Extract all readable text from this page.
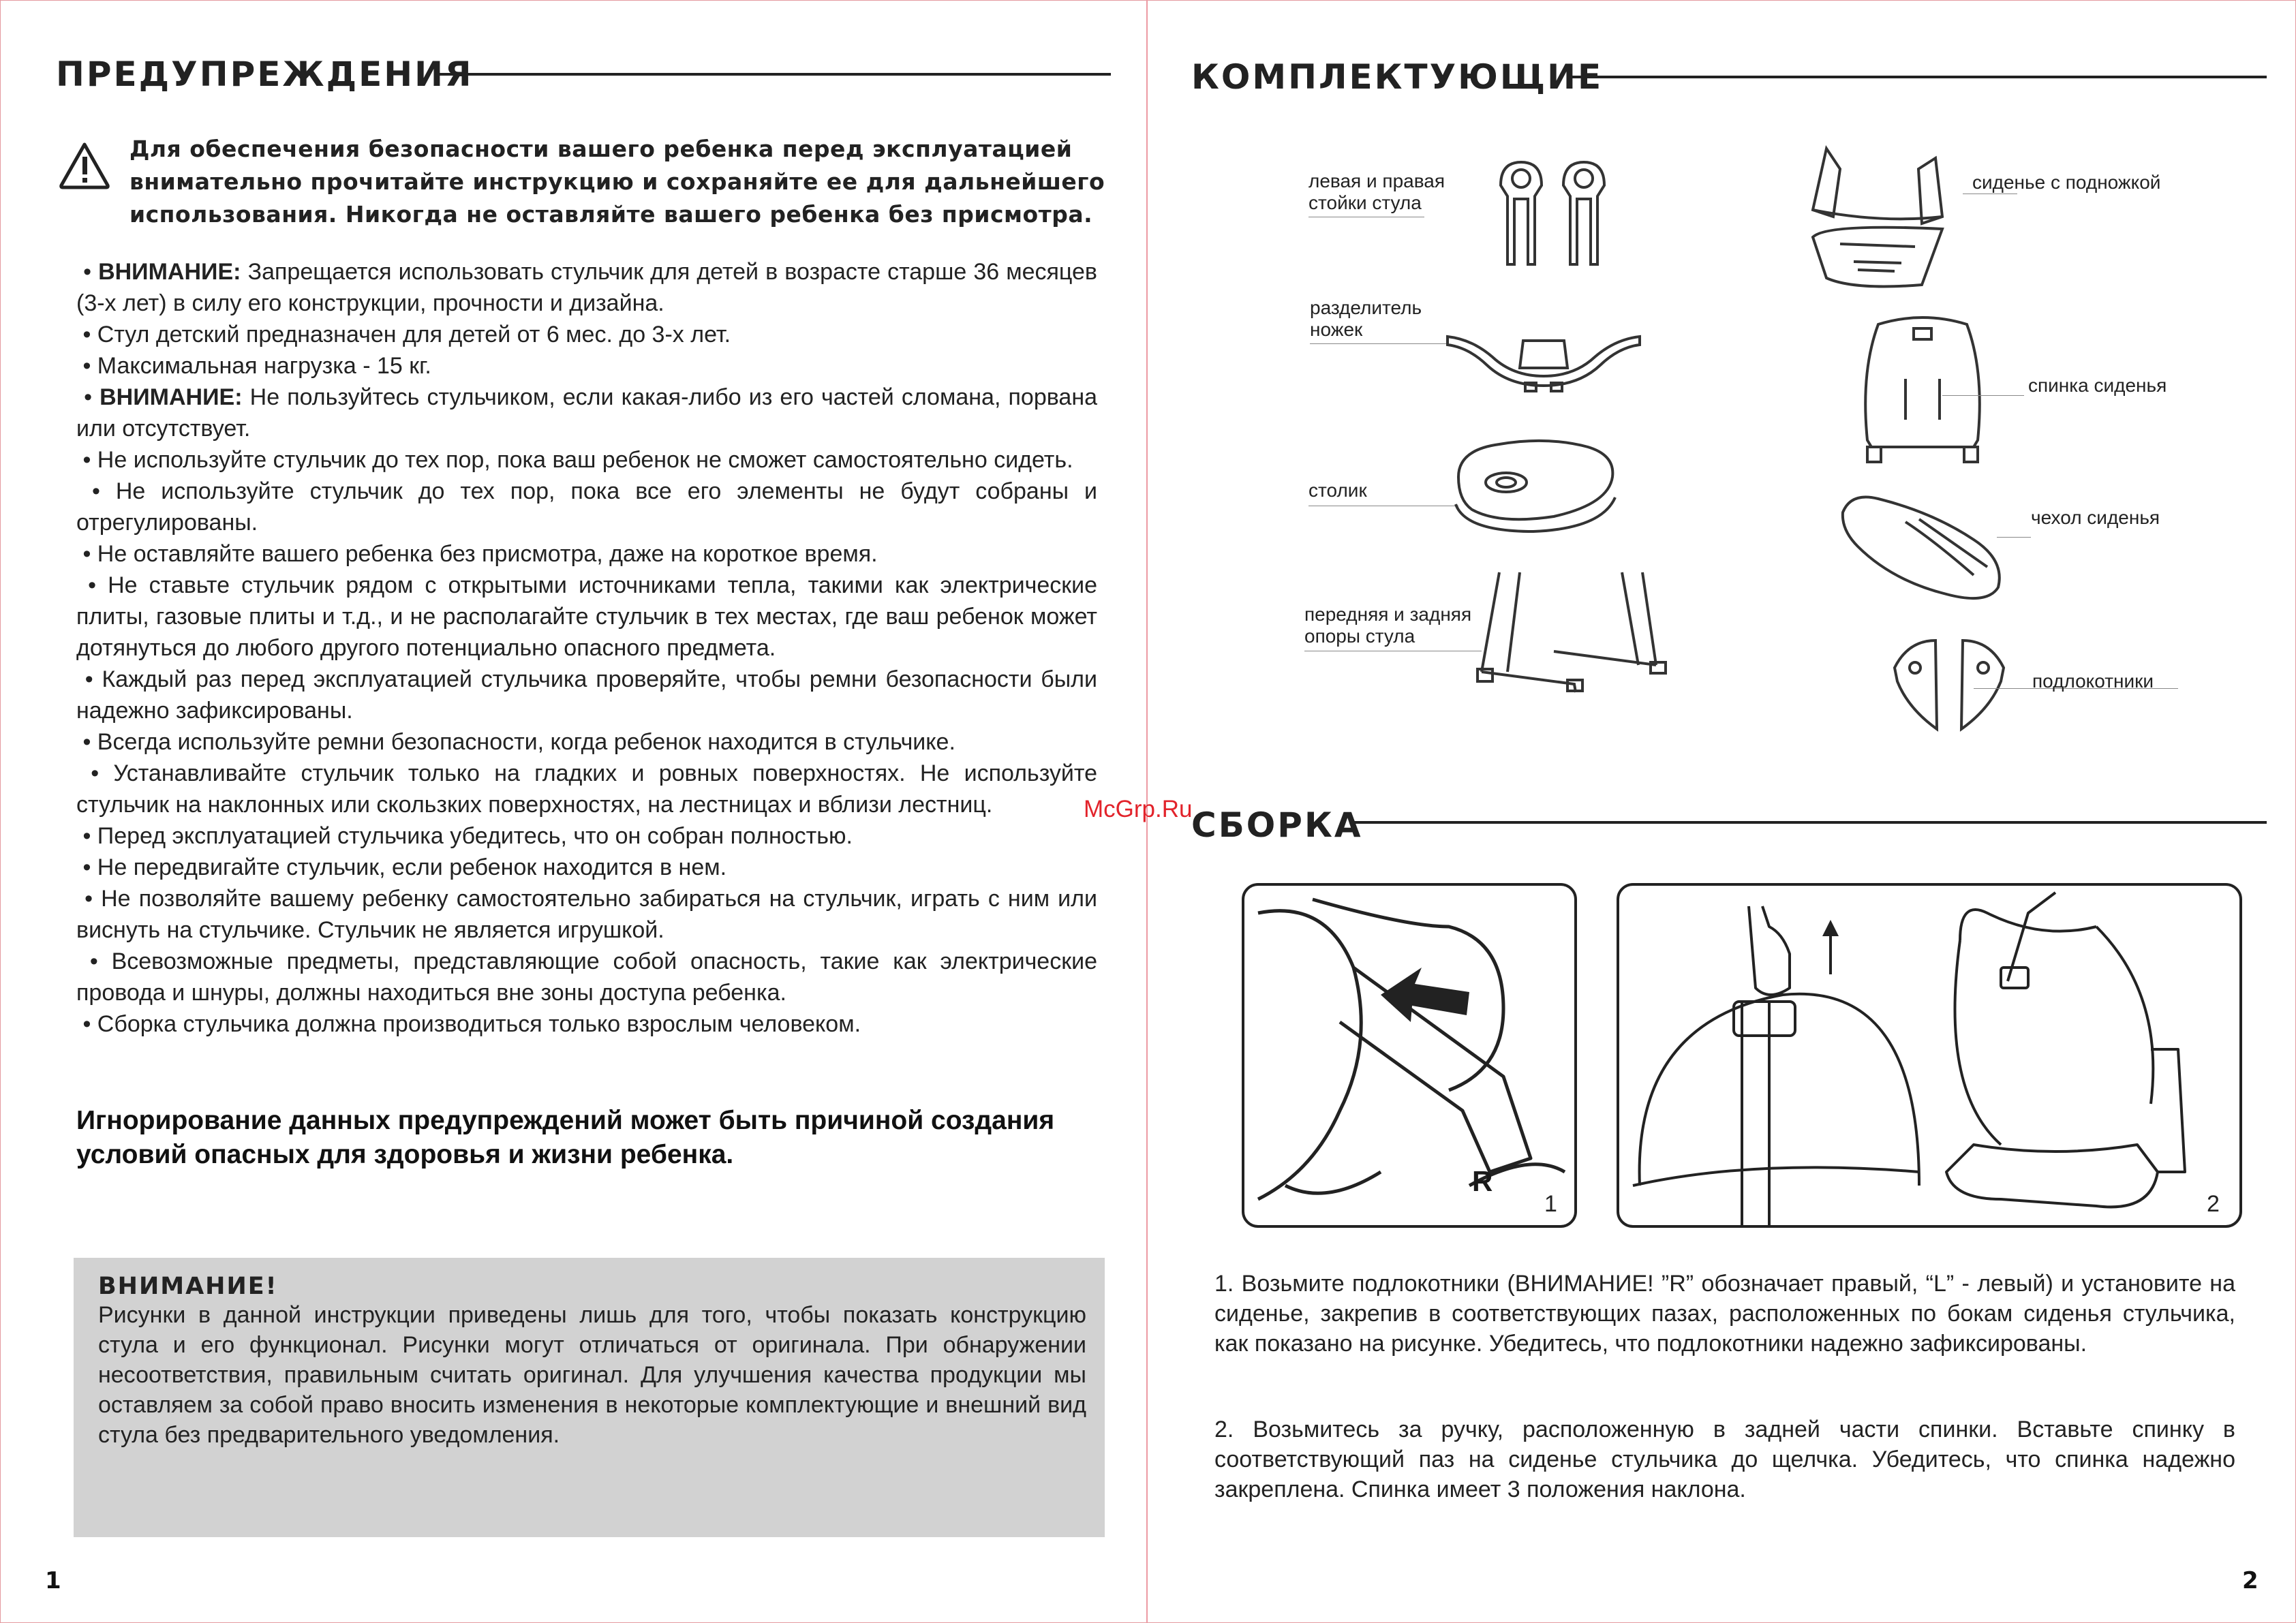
ПРЕДУПРЕЖДЕНИЯ
Для обеспечения безопасности вашего ребенка перед эксплуатацией внимательно прочитайте инструкцию и сохраняйте ее для дальнейшего использования. Никогда не оставляйте вашего ребенка без присмотра.
• ВНИМАНИЕ: Запрещается использовать стульчик для детей в возрасте старше 36 месяцев (3-х лет) в силу его конструкции, прочности и дизайна.
• Стул детский предназначен для детей от 6 мес. до 3-х лет.
• Максимальная нагрузка - 15 кг.
• ВНИМАНИЕ: Не пользуйтесь стульчиком, если какая-либо из его частей сломана, порвана или отсутствует.
• Не используйте стульчик до тех пор, пока ваш ребенок не сможет самостоятельно сидеть.
• Не используйте стульчик до тех пор, пока все его элементы не будут собраны и отрегулированы.
• Не оставляйте вашего ребенка без присмотра, даже на короткое время.
• Не ставьте стульчик рядом с открытыми источниками тепла, такими как электрические плиты, газовые плиты и т.д., и не располагайте стульчик в тех местах, где ваш ребенок может дотянуться до любого другого потенциально опасного предмета.
• Каждый раз перед эксплуатацией стульчика проверяйте, чтобы ремни безопасности были надежно зафиксированы.
• Всегда используйте ремни безопасности, когда ребенок находится в стульчике.
• Устанавливайте стульчик только на гладких и ровных поверхностях. Не используйте стульчик на наклонных или скользких поверхностях, на лестницах и вблизи лестниц.
• Перед эксплуатацией стульчика убедитесь, что он собран полностью.
• Не передвигайте стульчик, если ребенок находится в нем.
• Не позволяйте вашему ребенку самостоятельно забираться на стульчик, играть с ним или виснуть на стульчике. Стульчик не является игрушкой.
• Всевозможные предметы, представляющие собой опасность, такие как электрические провода и шнуры, должны находиться вне зоны доступа ребенка.
• Сборка стульчика должна производиться только взрослым человеком.
Игнорирование данных предупреждений может быть причиной создания условий опасных для здоровья и жизни ребенка.
ВНИМАНИЕ!
Рисунки в данной инструкции приведены лишь для того, чтобы показать конструкцию стула и его функционал. Рисунки могут отличаться от оригинала. При обнаружении несоответствия, правильным считать оригинал. Для улучшения качества продукции мы оставляем за собой право вносить изменения в некоторые комплектующие и внешний вид стула без предварительного уведомления.
1
КОМПЛЕКТУЮЩИЕ
левая и правая
стойки стула
разделитель
ножек
столик
передняя и задняя
опоры стула
сиденье с подножкой
спинка сиденья
чехол сиденья
подлокотники
McGrp.Ru
СБОРКА
R
1	2
1. Возьмите подлокотники (ВНИМАНИЕ! ”R” обозначает правый, “L” - левый) и установите на сиденье, закрепив в соответствующих пазах, расположенных по бокам сиденья стульчика, как показано на рисунке. Убедитесь, что подлокотники надежно зафиксированы.
2. Возьмитесь за ручку, расположенную в задней части спинки. Вставьте спинку в соответствующий паз на сиденье стульчика до щелчка. Убедитесь, что спинка надежно закреплена. Спинка имеет 3 положения наклона.
2
